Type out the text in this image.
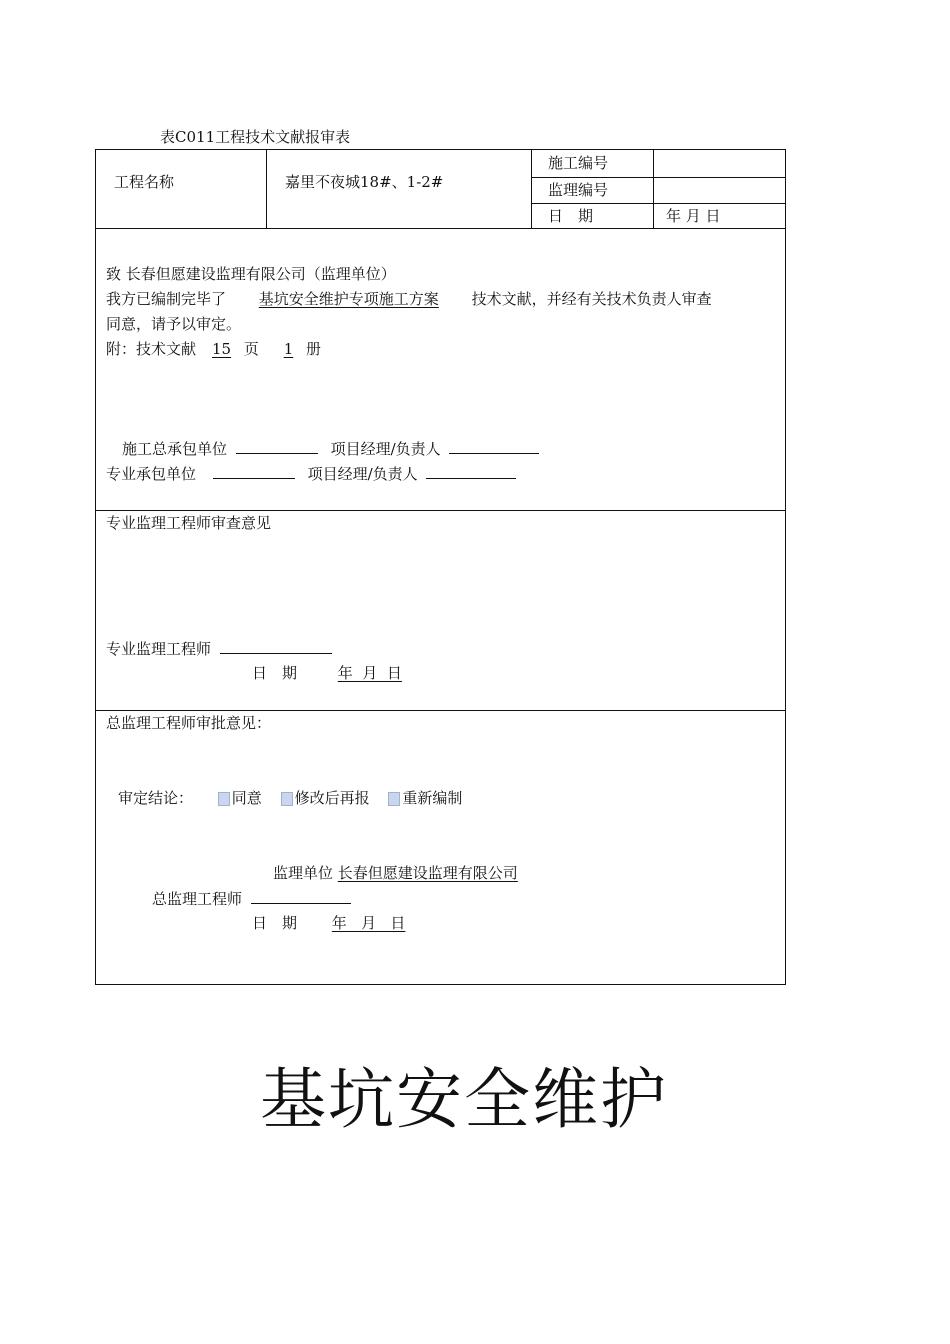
表C011工程技术文献报审表
工程名称	嘉里不夜城18#、1-2#
施工编号
监理编号
日　期	年 月 日
致 长春但愿建设监理有限公司（监理单位）
我方已编制完毕了 基坑安全维护专项施工方案 技术文献，并经有关技术负责人审查
同意，请予以审定。
附：技术文献 15 页 1 册
施工总承包单位	项目经理/负责人
专业承包单位	项目经理/负责人
专业监理工程师审查意见
专业监理工程师
日　期	年  月  日
总监理工程师审批意见：
审定结论：	同意 修改后再报 重新编制
监理单位 长春但愿建设监理有限公司
总监理工程师
日　期 年   月   日
基坑安全维护
